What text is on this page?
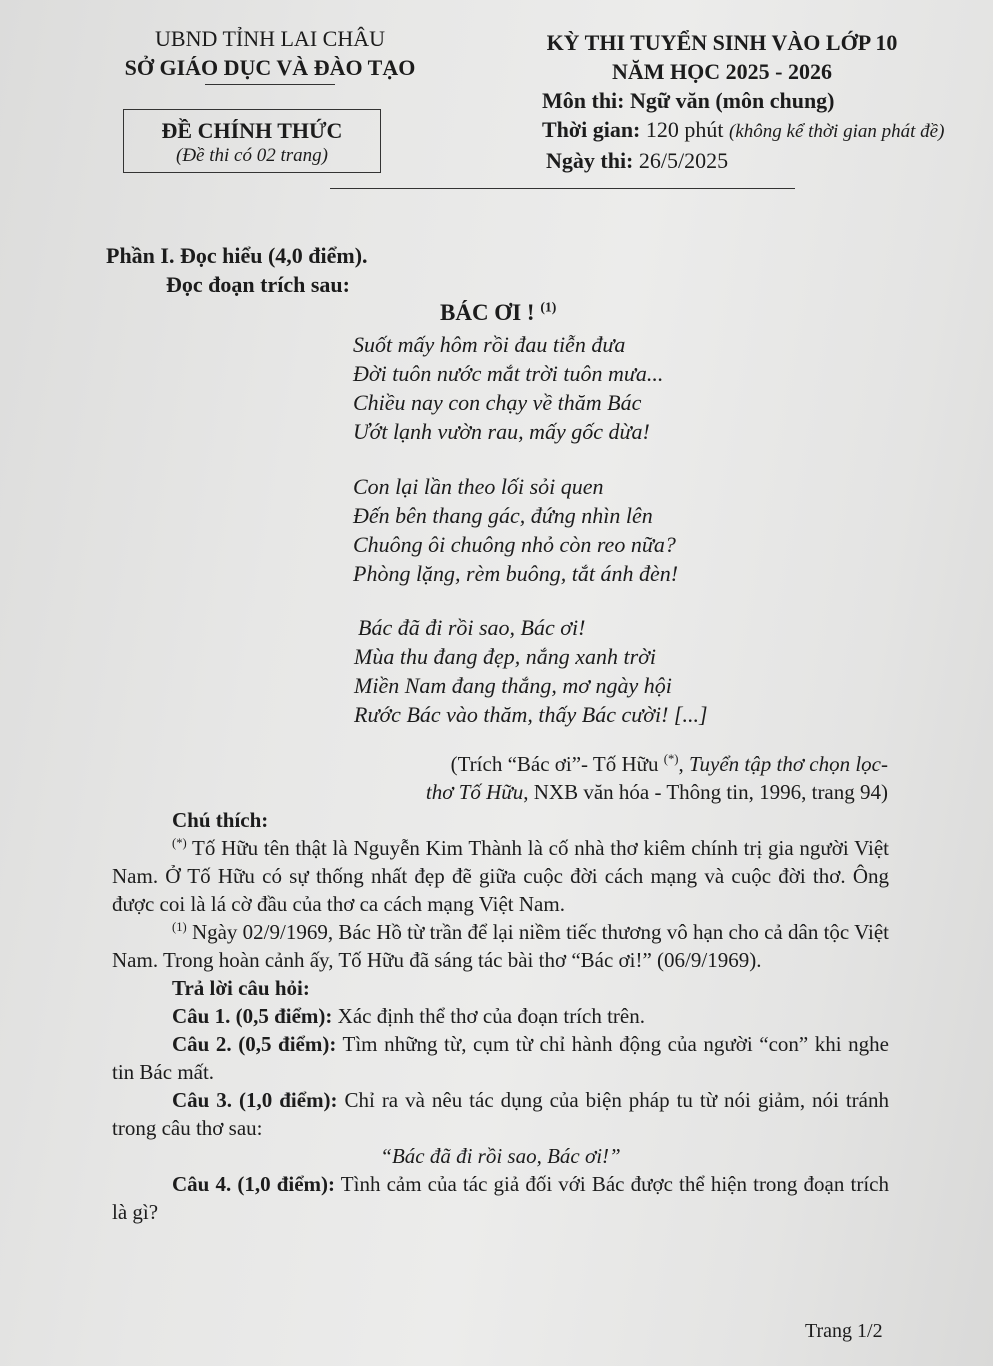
UBND TỈNH LAI CHÂU
SỞ GIÁO DỤC VÀ ĐÀO TẠO
ĐỀ CHÍNH THỨC
(Đề thi có 02 trang)
KỲ THI TUYỂN SINH VÀO LỚP 10
NĂM HỌC 2025 - 2026
Môn thi: Ngữ văn (môn chung)
Thời gian: 120 phút (không kể thời gian phát đề)
Ngày thi: 26/5/2025
Phần I. Đọc hiểu (4,0 điểm).
Đọc đoạn trích sau:
BÁC ƠI ! $^{(1)}$
Suốt mấy hôm rồi đau tiễn đưa
Đời tuôn nước mắt trời tuôn mưa...
Chiều nay con chạy về thăm Bác
Ướt lạnh vườn rau, mấy gốc dừa!
Con lại lần theo lối sỏi quen
Đến bên thang gác, đứng nhìn lên
Chuông ôi chuông nhỏ còn reo nữa?
Phòng lặng, rèm buông, tắt ánh đèn!
Bác đã đi rồi sao, Bác ơi!
Mùa thu đang đẹp, nắng xanh trời
Miền Nam đang thắng, mơ ngày hội
Rước Bác vào thăm, thấy Bác cười! [...]
(Trích “Bác ơi”- Tố Hữu (*), Tuyển tập thơ chọn lọc-
thơ Tố Hữu, NXB văn hóa - Thông tin, 1996, trang 94)

Chú thích:

(*) Tố Hữu tên thật là Nguyễn Kim Thành là cố nhà thơ kiêm chính trị gia người Việt Nam. Ở Tố Hữu có sự thống nhất đẹp đẽ giữa cuộc đời cách mạng và cuộc đời thơ. Ông được coi là lá cờ đầu của thơ ca cách mạng Việt Nam.

$^{(1)}$ Ngày 02/9/1969, Bác Hồ từ trần để lại niềm tiếc thương vô hạn cho cả dân tộc Việt Nam. Trong hoàn cảnh ấy, Tố Hữu đã sáng tác bài thơ “Bác ơi!” (06/9/1969).

Trả lời câu hỏi:

Câu 1. (0,5 điểm): Xác định thể thơ của đoạn trích trên.

Câu 2. (0,5 điểm): Tìm những từ, cụm từ chỉ hành động của người “con” khi nghe tin Bác mất.

Câu 3. (1,0 điểm): Chỉ ra và nêu tác dụng của biện pháp tu từ nói giảm, nói tránh trong câu thơ sau:

“Bác đã đi rồi sao, Bác ơi!”

Câu 4. (1,0 điểm): Tình cảm của tác giả đối với Bác được thể hiện trong đoạn trích là gì?

Trang 1/2
